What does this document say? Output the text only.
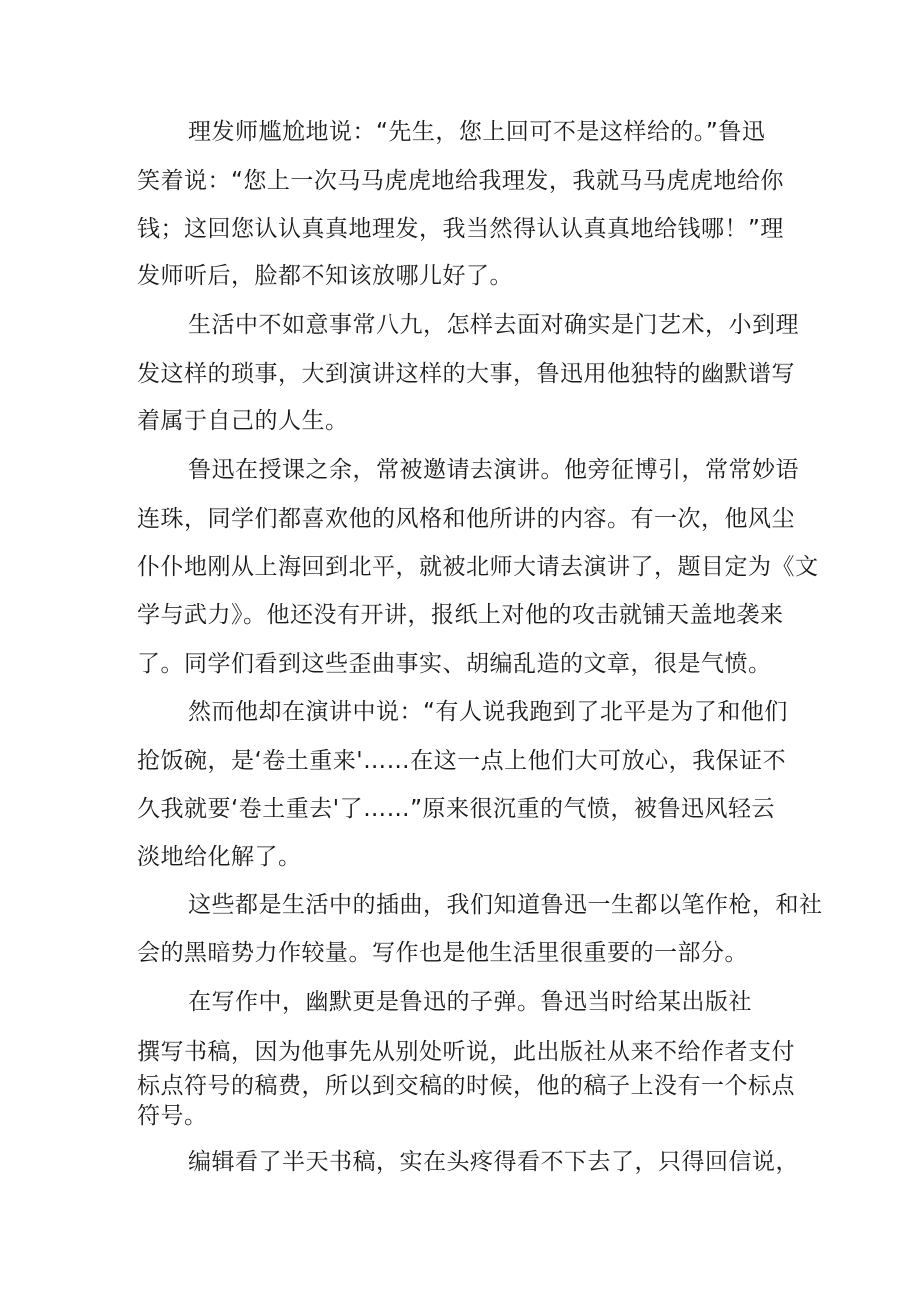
理发师尴尬地说：“先生，您上回可不是这样给的。”鲁迅
笑着说：“您上一次马马虎虎地给我理发，我就马马虎虎地给你
钱；这回您认认真真地理发，我当然得认认真真地给钱哪！”理
发师听后，脸都不知该放哪儿好了。
生活中不如意事常八九，怎样去面对确实是门艺术，小到理
发这样的琐事，大到演讲这样的大事，鲁迅用他独特的幽默谱写
着属于自己的人生。
鲁迅在授课之余，常被邀请去演讲。他旁征博引，常常妙语
连珠，同学们都喜欢他的风格和他所讲的内容。有一次，他风尘
仆仆地刚从上海回到北平，就被北师大请去演讲了，题目定为《文
学与武力》。他还没有开讲，报纸上对他的攻击就铺天盖地袭来
了。同学们看到这些歪曲事实、胡编乱造的文章，很是气愤。
然而他却在演讲中说：“有人说我跑到了北平是为了和他们
抢饭碗，是‘卷土重来'……在这一点上他们大可放心，我保证不
久我就要‘卷土重去'了……”原来很沉重的气愤，被鲁迅风轻云
淡地给化解了。
这些都是生活中的插曲，我们知道鲁迅一生都以笔作枪，和社
会的黑暗势力作较量。写作也是他生活里很重要的一部分。
在写作中，幽默更是鲁迅的子弹。鲁迅当时给某出版社
撰写书稿，因为他事先从别处听说，此出版社从来不给作者支付
标点符号的稿费，所以到交稿的时候，他的稿子上没有一个标点
符号。
编辑看了半天书稿，实在头疼得看不下去了，只得回信说，
